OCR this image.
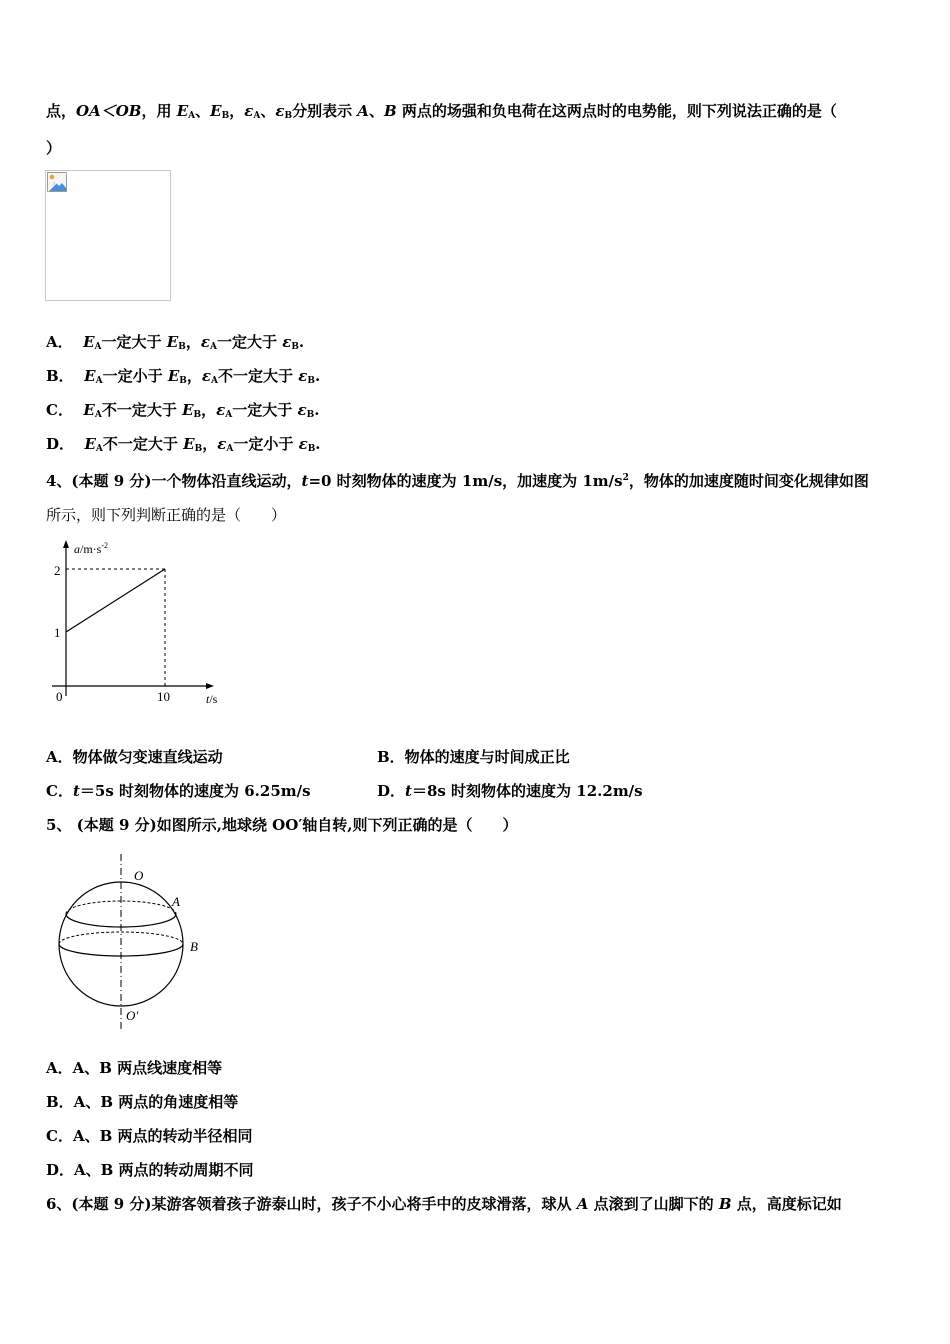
点，OA＜OB，用 $E_A$、$E_B$，$\varepsilon_A$、$\varepsilon_B$分别表示 A、B 两点的场强和负电荷在这两点时的电势能，则下列说法正确的是（
）
A． $E_A$一定大于 $E_B$，$\varepsilon_A$一定大于 $\varepsilon_B$.
B． $E_A$一定小于 $E_B$，$\varepsilon_A$不一定大于 $\varepsilon_B$.
C． $E_A$不一定大于 $E_B$，$\varepsilon_A$一定大于 $\varepsilon_B$.
D． $E_A$不一定大于 $E_B$，$\varepsilon_A$一定小于 $\varepsilon_B$.
4、(本题 9 分)一个物体沿直线运动，t=0 时刻物体的速度为 1m/s，加速度为 $1m/s^2$，物体的加速度随时间变化规律如图
所示，则下列判断正确的是（　　）
$a/m\cdot s^{-2}$
2
1
0	10	t/s
A．物体做匀变速直线运动	B．物体的速度与时间成正比
C．t＝5s 时刻物体的速度为 6.25m/s	D．t＝8s 时刻物体的速度为 12.2m/s
5、 (本题 9 分)如图所示,地球绕 OO′轴自转,则下列正确的是（　　）
O
A
B
O′
A．A、B 两点线速度相等
B．A、B 两点的角速度相等
C．A、B 两点的转动半径相同
D．A、B 两点的转动周期不同
6、(本题 9 分)某游客领着孩子游泰山时，孩子不小心将手中的皮球滑落，球从 A 点滚到了山脚下的 B 点，高度标记如
